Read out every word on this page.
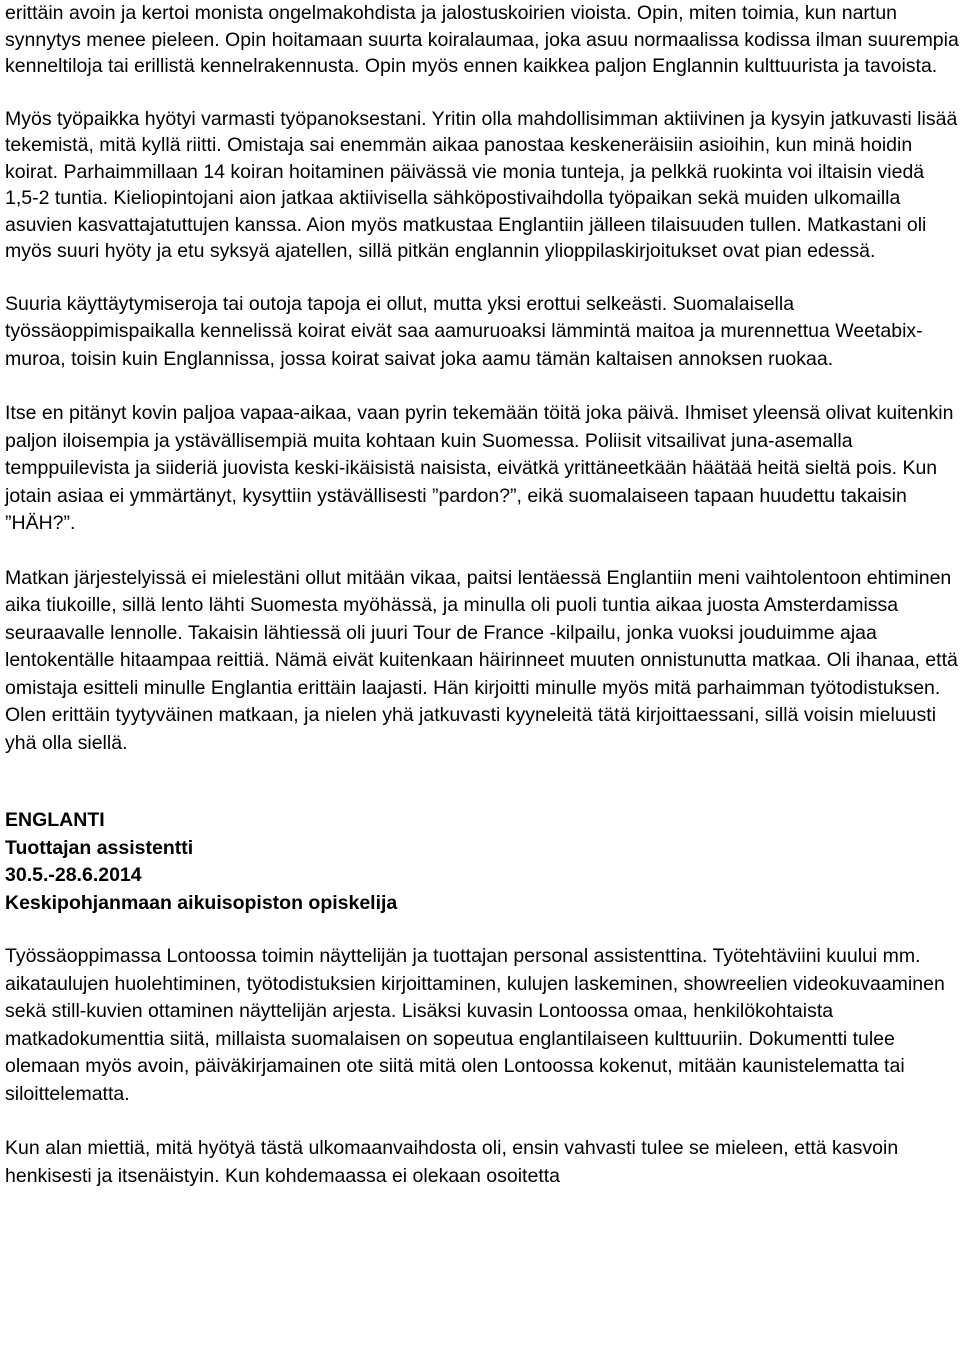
erittäin avoin ja kertoi monista ongelmakohdista ja jalostuskoirien vioista. Opin, miten toimia, kun nartun synnytys menee pieleen. Opin hoitamaan suurta koiralaumaa, joka asuu normaalissa kodissa ilman suurempia kenneltiloja tai erillistä kennelrakennusta. Opin myös ennen kaikkea paljon Englannin kulttuurista ja tavoista.

Myös työpaikka hyötyi varmasti työpanoksestani. Yritin olla mahdollisimman aktiivinen ja kysyin jatkuvasti lisää tekemistä, mitä kyllä riitti. Omistaja sai enemmän aikaa panostaa keskeneräisiin asioihin, kun minä hoidin koirat. Parhaimmillaan 14 koiran hoitaminen päivässä vie monia tunteja, ja pelkkä ruokinta voi iltaisin viedä 1,5-2 tuntia. Kieliopintojani aion jatkaa aktiivisella sähköpostivaihdolla työpaikan sekä muiden ulkomailla asuvien kasvattajatuttujen kanssa. Aion myös matkustaa Englantiin jälleen tilaisuuden tullen. Matkastani oli myös suuri hyöty ja etu syksyä ajatellen, sillä pitkän englannin ylioppilaskirjoitukset ovat pian edessä.

Suuria käyttäytymiseroja tai outoja tapoja ei ollut, mutta yksi erottui selkeästi. Suomalaisella työssäoppimispaikalla kennelissä koirat eivät saa aamuruoaksi lämmintä maitoa ja murennettua Weetabix-muroa, toisin kuin Englannissa, jossa koirat saivat joka aamu tämän kaltaisen annoksen ruokaa.

Itse en pitänyt kovin paljoa vapaa-aikaa, vaan pyrin tekemään töitä joka päivä. Ihmiset yleensä olivat kuitenkin paljon iloisempia ja ystävällisempiä muita kohtaan kuin Suomessa. Poliisit vitsailivat juna-asemalla temppuilevista ja siideriä juovista keski-ikäisistä naisista, eivätkä yrittäneetkään häätää heitä sieltä pois. Kun jotain asiaa ei ymmärtänyt, kysyttiin ystävällisesti ”pardon?”, eikä suomalaiseen tapaan huudettu takaisin ”HÄH?”.

Matkan järjestelyissä ei mielestäni ollut mitään vikaa, paitsi lentäessä Englantiin meni vaihtolentoon ehtiminen aika tiukoille, sillä lento lähti Suomesta myöhässä, ja minulla oli puoli tuntia aikaa juosta Amsterdamissa seuraavalle lennolle. Takaisin lähtiessä oli juuri Tour de France -kilpailu, jonka vuoksi jouduimme ajaa lentokentälle hitaampaa reittiä. Nämä eivät kuitenkaan häirinneet muuten onnistunutta matkaa. Oli ihanaa, että omistaja esitteli minulle Englantia erittäin laajasti. Hän kirjoitti minulle myös mitä parhaimman työtodistuksen. Olen erittäin tyytyväinen matkaan, ja nielen yhä jatkuvasti kyyneleitä tätä kirjoittaessani, sillä voisin mieluusti yhä olla siellä.

ENGLANTI
Tuottajan assistentti
30.5.-28.6.2014
Keskipohjanmaan aikuisopiston opiskelija

Työssäoppimassa Lontoossa toimin näyttelijän ja tuottajan personal assistenttina. Työtehtäviini kuului mm. aikataulujen huolehtiminen, työtodistuksien kirjoittaminen, kulujen laskeminen, showreelien videokuvaaminen sekä still-kuvien ottaminen näyttelijän arjesta. Lisäksi kuvasin Lontoossa omaa, henkilökohtaista matkadokumenttia siitä, millaista suomalaisen on sopeutua englantilaiseen kulttuuriin. Dokumentti tulee olemaan myös avoin, päiväkirjamainen ote siitä mitä olen Lontoossa kokenut, mitään kaunistelematta tai siloittelematta.

Kun alan miettiä, mitä hyötyä tästä ulkomaanvaihdosta oli, ensin vahvasti tulee se mieleen, että kasvoin henkisesti ja itsenäistyin. Kun kohdemaassa ei olekaan osoitetta
